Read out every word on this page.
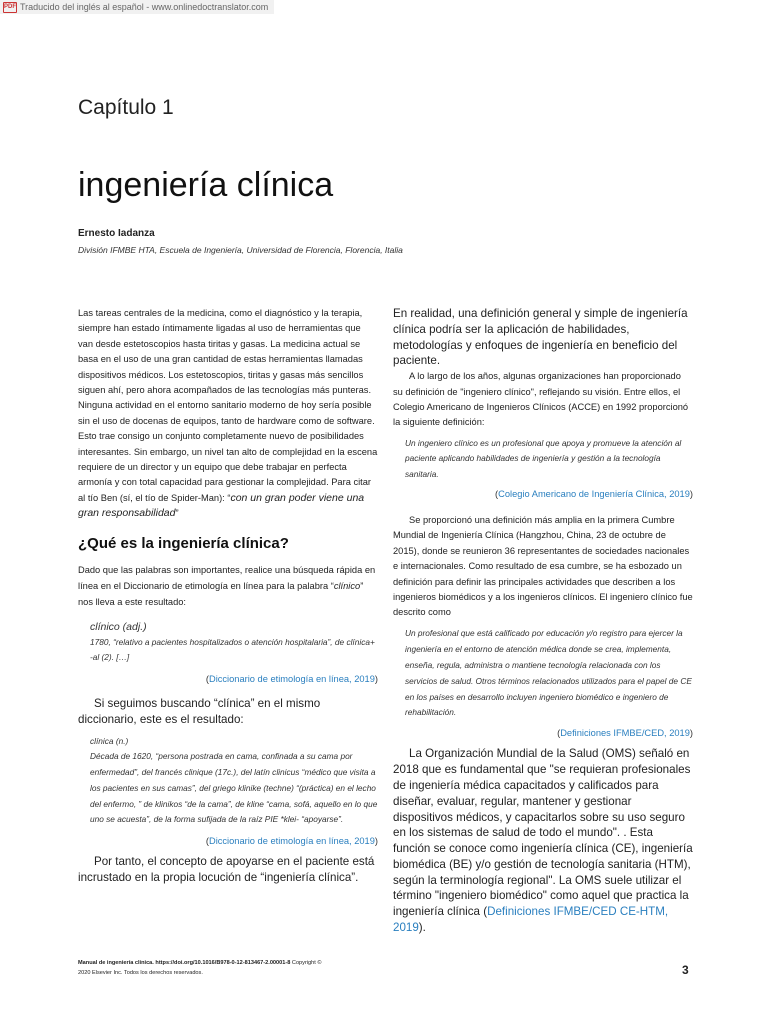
PDF Traducido del inglés al español - www.onlinedoctranslator.com
Capítulo 1
ingeniería clínica
Ernesto Iadanza
División IFMBE HTA, Escuela de Ingeniería, Universidad de Florencia, Florencia, Italia

Las tareas centrales de la medicina, como el diagnóstico y la terapia, siempre han estado íntimamente ligadas al uso de herramientas que van desde estetoscopios hasta tiritas y gasas. La medicina actual se basa en el uso de una gran cantidad de estas herramientas llamadas dispositivos médicos. Los estetoscopios, tiritas y gasas más sencillos siguen ahí, pero ahora acompañados de las tecnologías más punteras. Ninguna actividad en el entorno sanitario moderno de hoy sería posible sin el uso de docenas de equipos, tanto de hardware como de software. Esto trae consigo un conjunto completamente nuevo de posibilidades interesantes. Sin embargo, un nivel tan alto de complejidad en la escena requiere de un director y un equipo que debe trabajar en perfecta armonía y con total capacidad para gestionar la complejidad. Para citar al tío Ben (sí, el tío de Spider-Man): “con un gran poder viene una gran responsabilidad”

¿Qué es la ingeniería clínica?

Dado que las palabras son importantes, realice una búsqueda rápida en línea en el Diccionario de etimología en línea para la palabra “clínico” nos lleva a este resultado:

clínico (adj.)
1780, “relativo a pacientes hospitalizados o atención hospitalaria”, de clínica+ -al (2). […]
(Diccionario de etimología en línea, 2019)

Si seguimos buscando “clínica” en el mismo diccionario, este es el resultado:

clínica (n.)
Década de 1620, “persona postrada en cama, confinada a su cama por enfermedad”, del francés clinique (17c.), del latín clinicus “médico que visita a los pacientes en sus camas”, del griego klinike (techne) “(práctica) en el lecho del enfermo, ” de klinikos “de la cama”, de kline “cama, sofá, aquello en lo que uno se acuesta”, de la forma sufijada de la raíz PIE *klei- “apoyarse”.
(Diccionario de etimología en línea, 2019)

Por tanto, el concepto de apoyarse en el paciente está incrustado en la propia locución de “ingeniería clínica”.

En realidad, una definición general y simple de ingeniería clínica podría ser la aplicación de habilidades, metodologías y enfoques de ingeniería en beneficio del paciente.

A lo largo de los años, algunas organizaciones han proporcionado su definición de "ingeniero clínico", reflejando su visión. Entre ellos, el Colegio Americano de Ingenieros Clínicos (ACCE) en 1992 proporcionó la siguiente definición:

Un ingeniero clínico es un profesional que apoya y promueve la atención al paciente aplicando habilidades de ingeniería y gestión a la tecnología sanitaria.
(Colegio Americano de Ingeniería Clínica, 2019)

Se proporcionó una definición más amplia en la primera Cumbre Mundial de Ingeniería Clínica (Hangzhou, China, 23 de octubre de 2015), donde se reunieron 36 representantes de sociedades nacionales e internacionales. Como resultado de esa cumbre, se ha esbozado un definición para definir las principales actividades que describen a los ingenieros biomédicos y a los ingenieros clínicos. El ingeniero clínico fue descrito como

Un profesional que está calificado por educación y/o registro para ejercer la ingeniería en el entorno de atención médica donde se crea, implementa, enseña, regula, administra o mantiene tecnología relacionada con los servicios de salud. Otros términos relacionados utilizados para el papel de CE en los países en desarrollo incluyen ingeniero biomédico e ingeniero de rehabilitación.
(Definiciones IFMBE/CED, 2019)

La Organización Mundial de la Salud (OMS) señaló en 2018 que es fundamental que "se requieran profesionales de ingeniería médica capacitados y calificados para diseñar, evaluar, regular, mantener y gestionar dispositivos médicos, y capacitarlos sobre su uso seguro en los sistemas de salud de todo el mundo". . Esta función se conoce como ingeniería clínica (CE), ingeniería biomédica (BE) y/o gestión de tecnología sanitaria (HTM), según la terminología regional". La OMS suele utilizar el término "ingeniero biomédico" como aquel que practica la ingeniería clínica (Definiciones IFMBE/CED CE-HTM, 2019).

Manual de ingeniería clínica. https://doi.org/10.1016/B978-0-12-813467-2.00001-8 Copyright ©
2020 Elsevier Inc. Todos los derechos reservados.	3
